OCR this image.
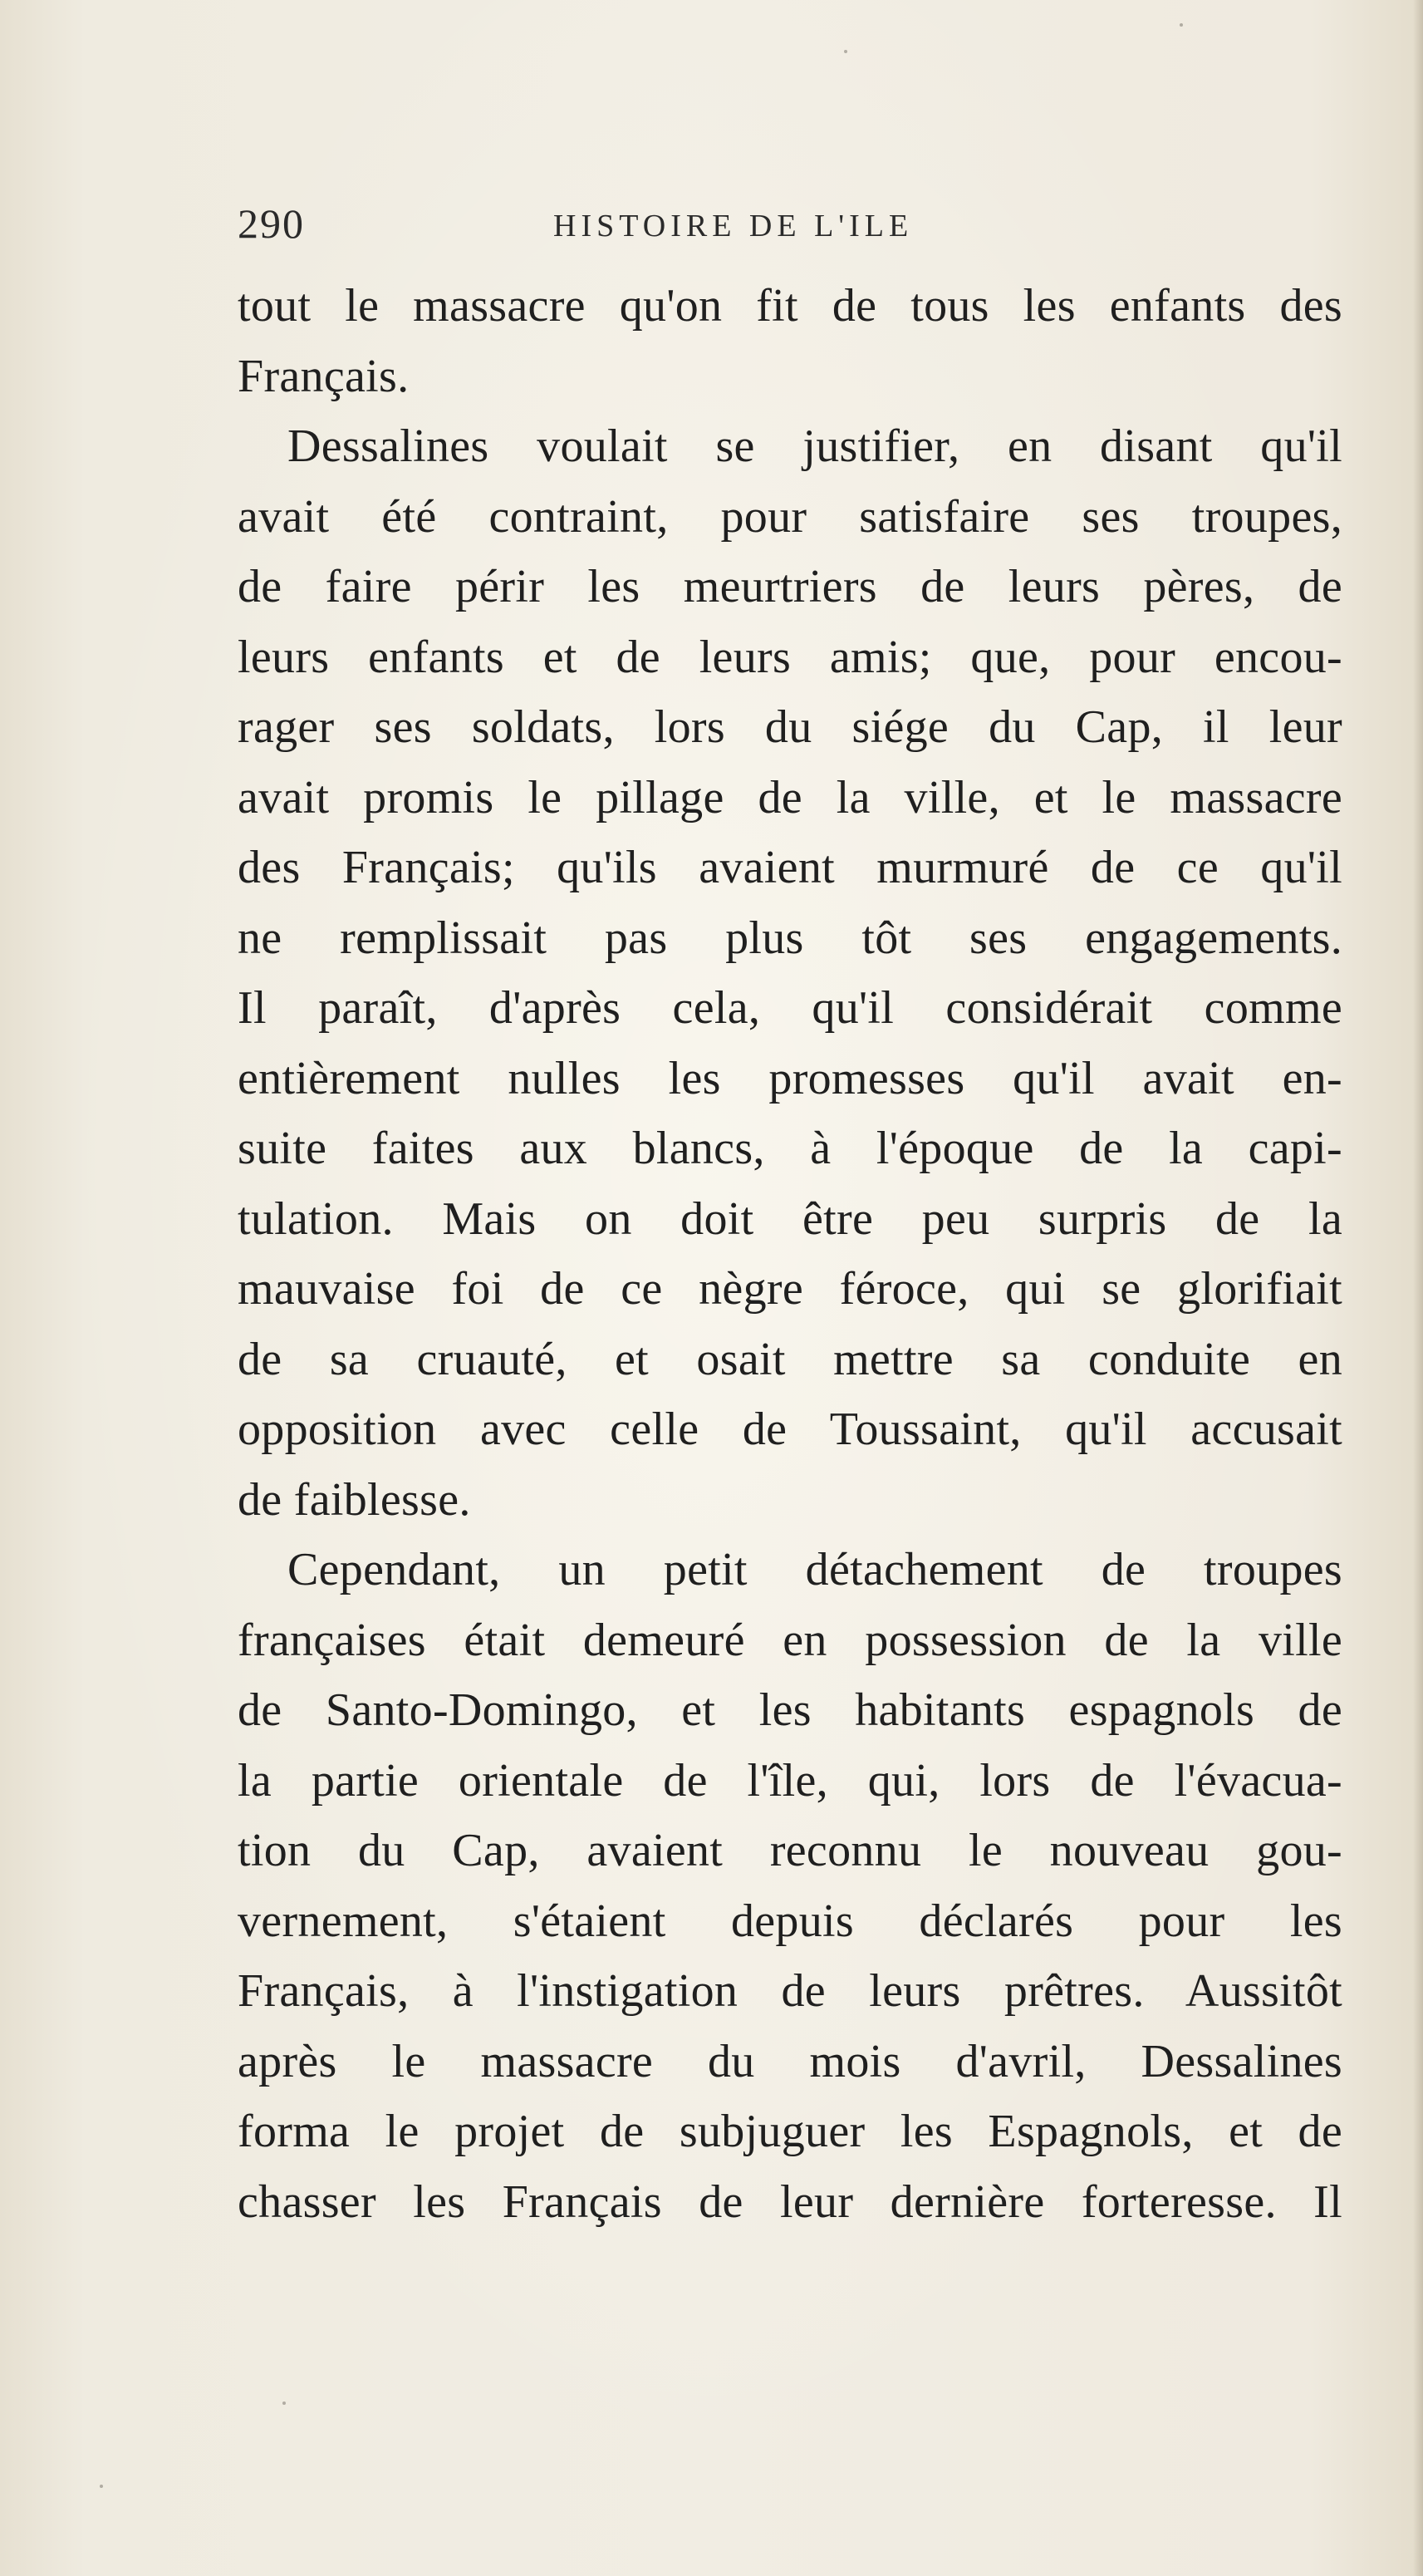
290	HISTOIRE DE L'ILE
tout le massacre qu'on fit de tous les enfants des
Français.
Dessalines voulait se justifier, en disant qu'il
avait été contraint, pour satisfaire ses troupes,
de faire périr les meurtriers de leurs pères, de
leurs enfants et de leurs amis; que, pour encou-
rager ses soldats, lors du siége du Cap, il leur
avait promis le pillage de la ville, et le massacre
des Français; qu'ils avaient murmuré de ce qu'il
ne remplissait pas plus tôt ses engagements.
Il paraît, d'après cela, qu'il considérait comme
entièrement nulles les promesses qu'il avait en-
suite faites aux blancs, à l'époque de la capi-
tulation. Mais on doit être peu surpris de la
mauvaise foi de ce nègre féroce, qui se glorifiait
de sa cruauté, et osait mettre sa conduite en
opposition avec celle de Toussaint, qu'il accusait
de faiblesse.
Cependant, un petit détachement de troupes
françaises était demeuré en possession de la ville
de Santo-Domingo, et les habitants espagnols de
la partie orientale de l'île, qui, lors de l'évacua-
tion du Cap, avaient reconnu le nouveau gou-
vernement, s'étaient depuis déclarés pour les
Français, à l'instigation de leurs prêtres. Aussitôt
après le massacre du mois d'avril, Dessalines
forma le projet de subjuguer les Espagnols, et de
chasser les Français de leur dernière forteresse. Il
